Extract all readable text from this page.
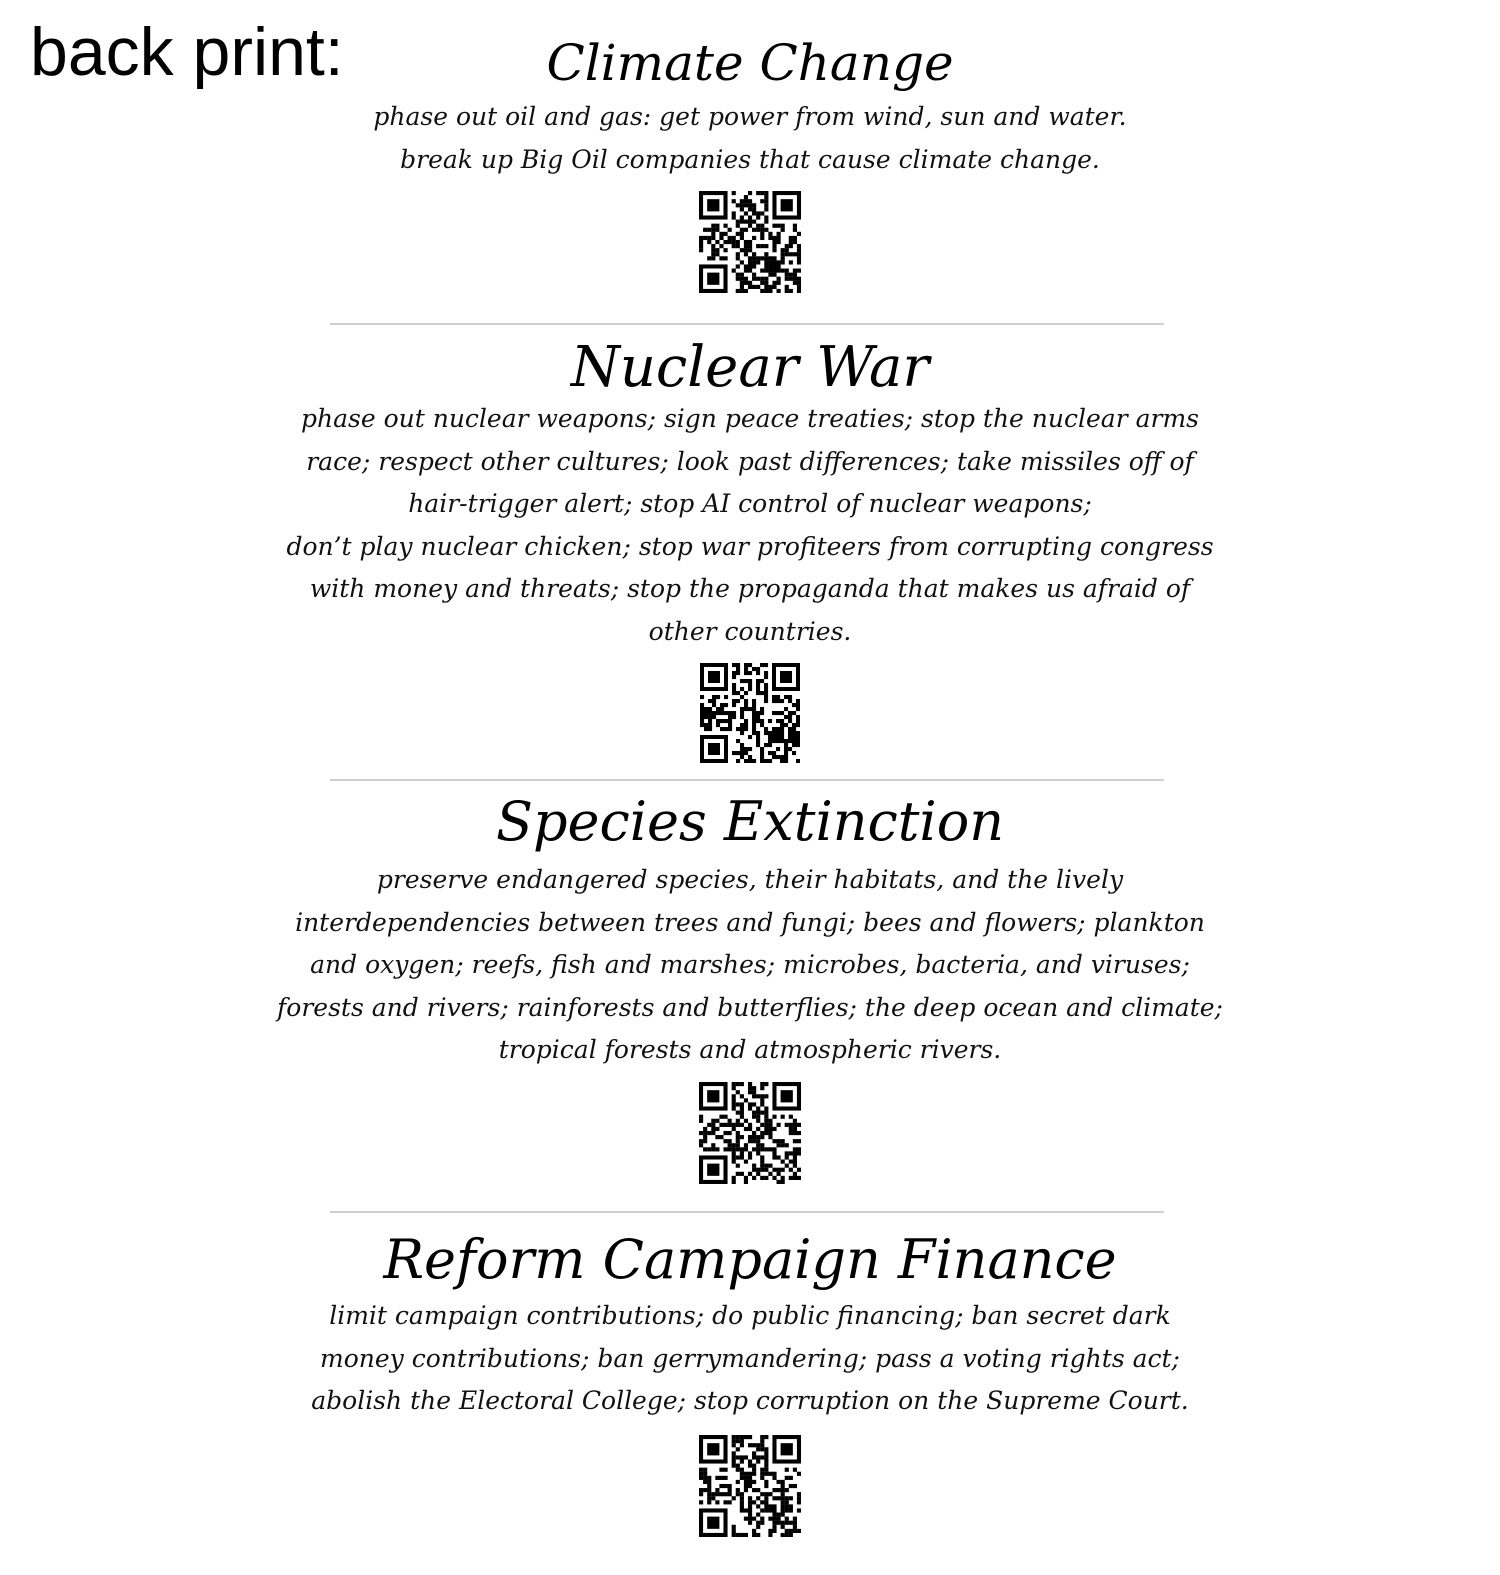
back print:	Climate Change
phase out oil and gas: get power from wind, sun and water.
break up Big Oil companies that cause climate change.
Nuclear War
phase out nuclear weapons; sign peace treaties; stop the nuclear arms
race; respect other cultures; look past differences; take missiles off of
hair-trigger alert; stop AI control of nuclear weapons;
don’t play nuclear chicken; stop war profiteers from corrupting congress
with money and threats; stop the propaganda that makes us afraid of
other countries.
Species Extinction
preserve endangered species, their habitats, and the lively
interdependencies between trees and fungi; bees and flowers; plankton
and oxygen; reefs, fish and marshes; microbes, bacteria, and viruses;
forests and rivers; rainforests and butterflies; the deep ocean and climate;
tropical forests and atmospheric rivers.
Reform Campaign Finance
limit campaign contributions; do public financing; ban secret dark
money contributions; ban gerrymandering; pass a voting rights act;
abolish the Electoral College; stop corruption on the Supreme Court.
